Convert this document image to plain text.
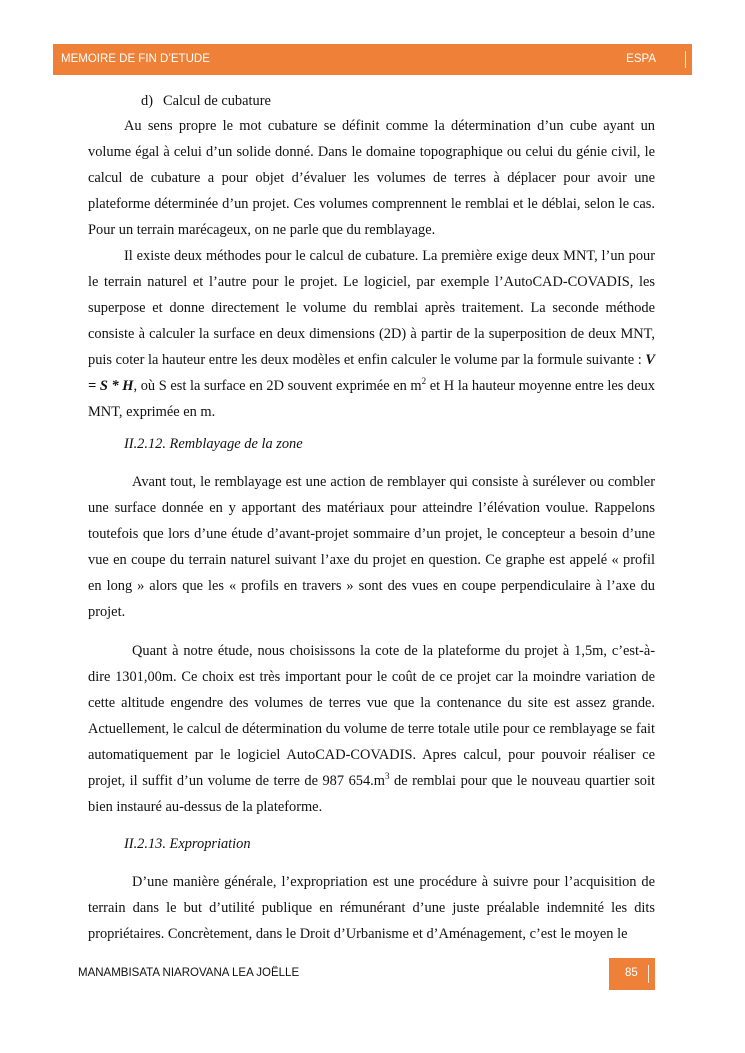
MEMOIRE DE FIN D’ETUDE	ESPA
d) Calcul de cubature

Au sens propre le mot cubature se définit comme la détermination d’un cube ayant un volume égal à celui d’un solide donné. Dans le domaine topographique ou celui du génie civil, le calcul de cubature a pour objet d’évaluer les volumes de terres à déplacer pour avoir une plateforme déterminée d’un projet. Ces volumes comprennent le remblai et le déblai, selon le cas. Pour un terrain marécageux, on ne parle que du remblayage.

Il existe deux méthodes pour le calcul de cubature. La première exige deux MNT, l’un pour le terrain naturel et l’autre pour le projet. Le logiciel, par exemple l’AutoCAD-COVADIS, les superpose et donne directement le volume du remblai après traitement. La seconde méthode consiste à calculer la surface en deux dimensions (2D) à partir de la superposition de deux MNT, puis coter la hauteur entre les deux modèles et enfin calculer le volume par la formule suivante : V = S * H, où S est la surface en 2D souvent exprimée en $m^2$ et H la hauteur moyenne entre les deux MNT, exprimée en m.

II.2.12. Remblayage de la zone

Avant tout, le remblayage est une action de remblayer qui consiste à surélever ou combler une surface donnée en y apportant des matériaux pour atteindre l’élévation voulue. Rappelons toutefois que lors d’une étude d’avant-projet sommaire d’un projet, le concepteur a besoin d’une vue en coupe du terrain naturel suivant l’axe du projet en question. Ce graphe est appelé « profil en long » alors que les « profils en travers » sont des vues en coupe perpendiculaire à l’axe du projet.

Quant à notre étude, nous choisissons la cote de la plateforme du projet à 1,5m, c’est-à-dire 1301,00m. Ce choix est très important pour le coût de ce projet car la moindre variation de cette altitude engendre des volumes de terres vue que la contenance du site est assez grande. Actuellement, le calcul de détermination du volume de terre totale utile pour ce remblayage se fait automatiquement par le logiciel AutoCAD-COVADIS. Apres calcul, pour pouvoir réaliser ce projet, il suffit d’un volume de terre de 987 $654.m^3$ de remblai pour que le nouveau quartier soit bien instauré au-dessus de la plateforme.

II.2.13. Expropriation

D’une manière générale, l’expropriation est une procédure à suivre pour l’acquisition de terrain dans le but d’utilité publique en rémunérant d’une juste préalable indemnité les dits propriétaires. Concrètement, dans le Droit d’Urbanisme et d’Aménagement, c’est le moyen le

MANAMBISATA NIAROVANA LEA JOËLLE	85
